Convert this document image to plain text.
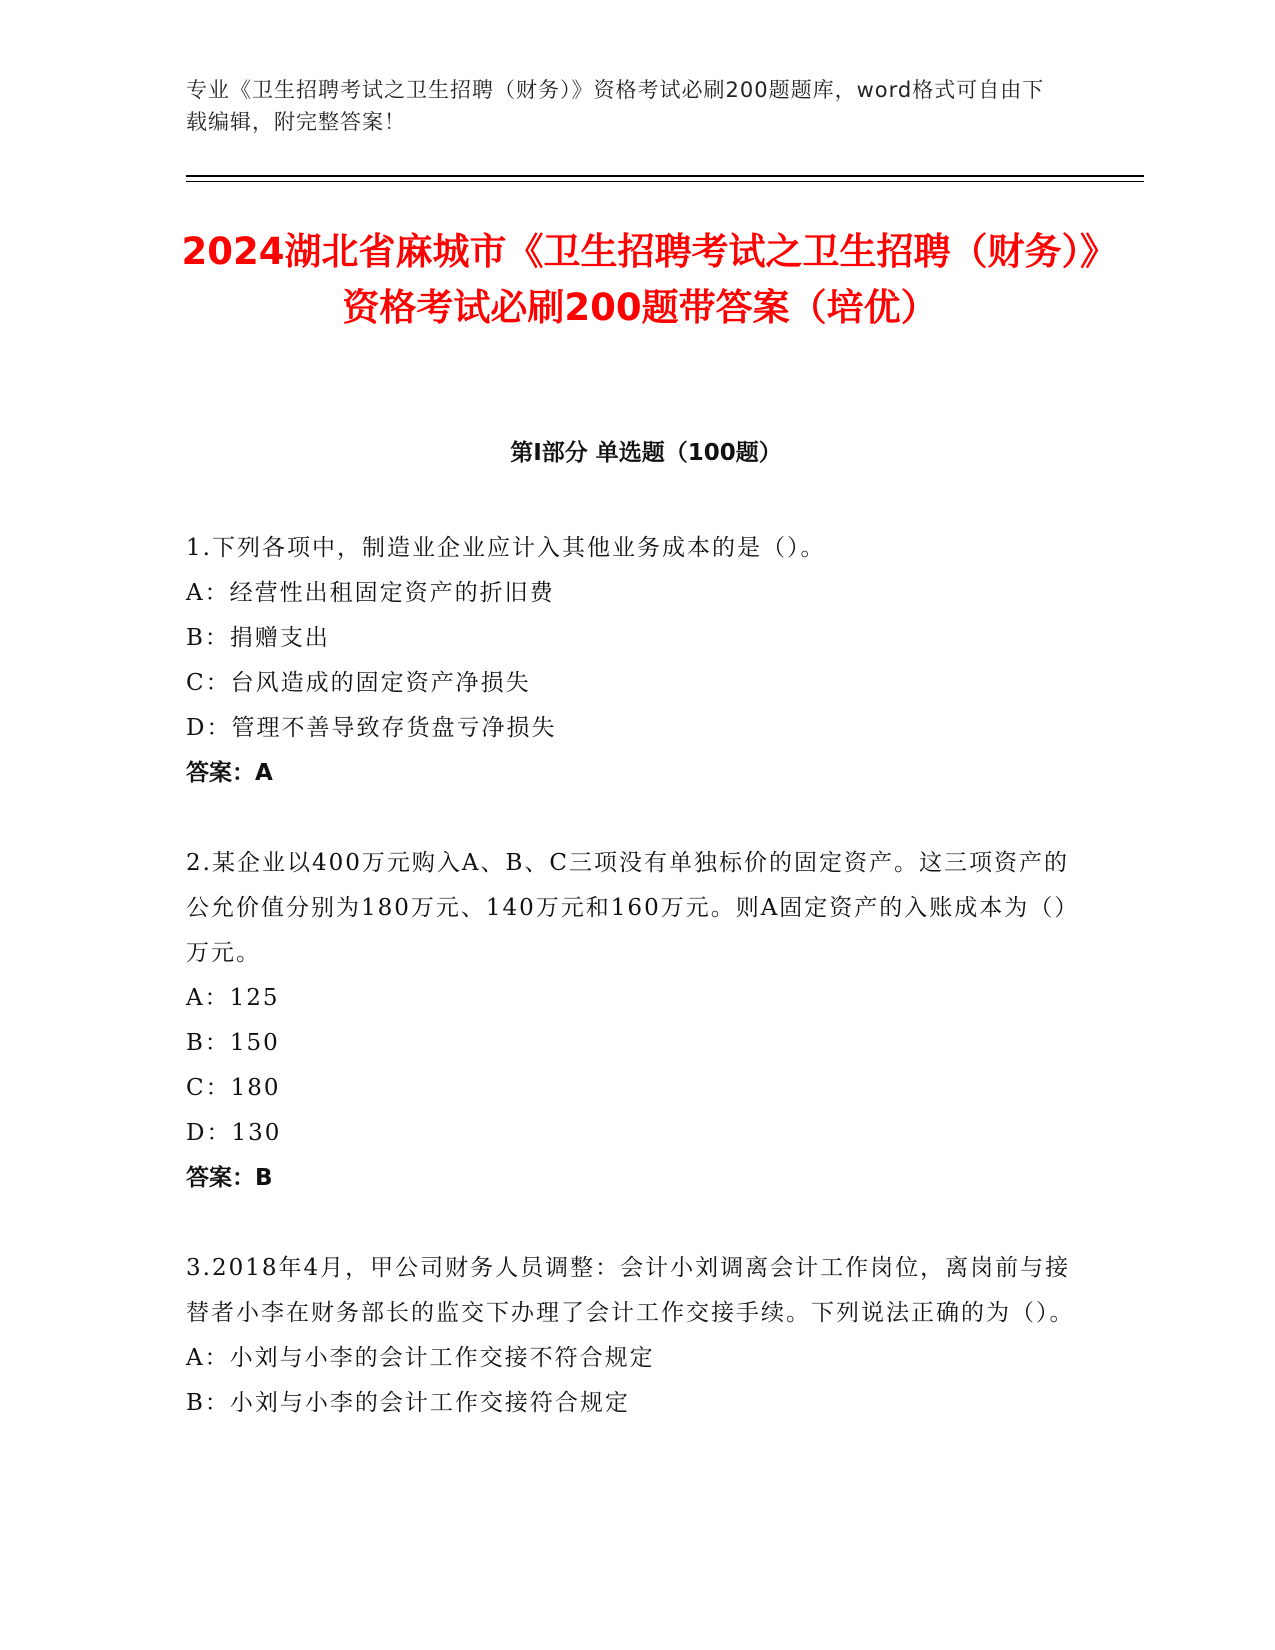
专业《卫生招聘考试之卫生招聘（财务）》资格考试必刷200题题库，word格式可自由下载编辑，附完整答案！
2024湖北省麻城市《卫生招聘考试之卫生招聘（财务）》资格考试必刷200题带答案（培优）
第I部分 单选题（100题）
1.下列各项中，制造业企业应计入其他业务成本的是（）。
A：经营性出租固定资产的折旧费
B：捐赠支出
C：台风造成的固定资产净损失
D：管理不善导致存货盘亏净损失
答案：A
2.某企业以400万元购入A、B、C三项没有单独标价的固定资产。这三项资产的公允价值分别为180万元、140万元和160万元。则A固定资产的入账成本为（）万元。
A：125
B：150
C：180
D：130
答案：B
3.2018年4月，甲公司财务人员调整：会计小刘调离会计工作岗位，离岗前与接替者小李在财务部长的监交下办理了会计工作交接手续。下列说法正确的为（）。
A：小刘与小李的会计工作交接不符合规定
B：小刘与小李的会计工作交接符合规定
